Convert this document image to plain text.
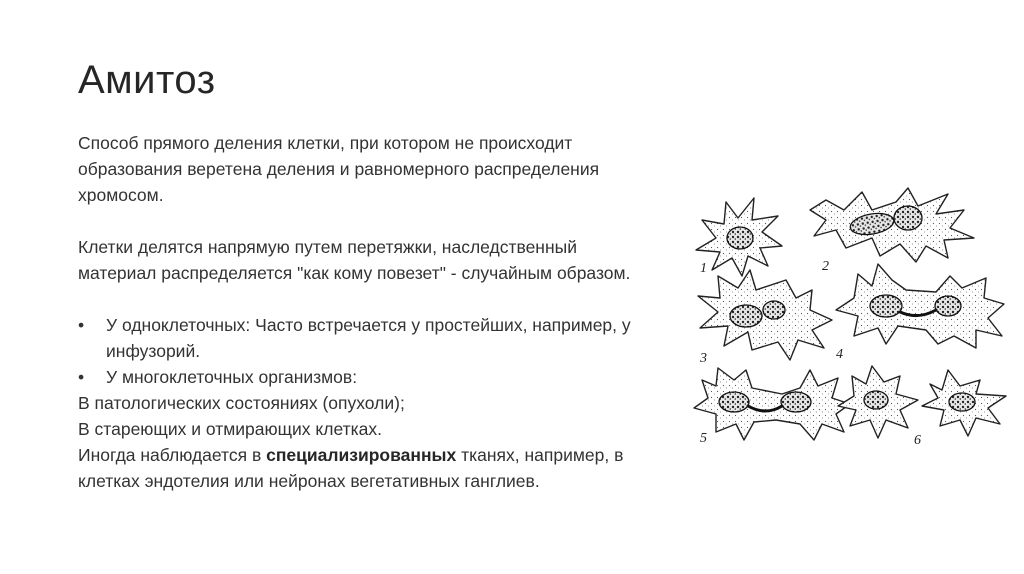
Амитоз

Способ прямого деления клетки, при котором не происходит образования веретена деления и равномерного распределения хромосом.

Клетки делятся напрямую путем перетяжки, наследственный материал распределяется "как кому повезет" - случайным образом.

• У одноклеточных: Часто встречается у простейших, например, у инфузорий.
• У многоклеточных организмов:

В патологических состояниях (опухоли);

В стареющих и отмирающих клетках.

Иногда наблюдается в специализированных тканях, например, в клетках эндотелия или нейронах вегетативных ганглиев.

1	2
3	4
5	6
